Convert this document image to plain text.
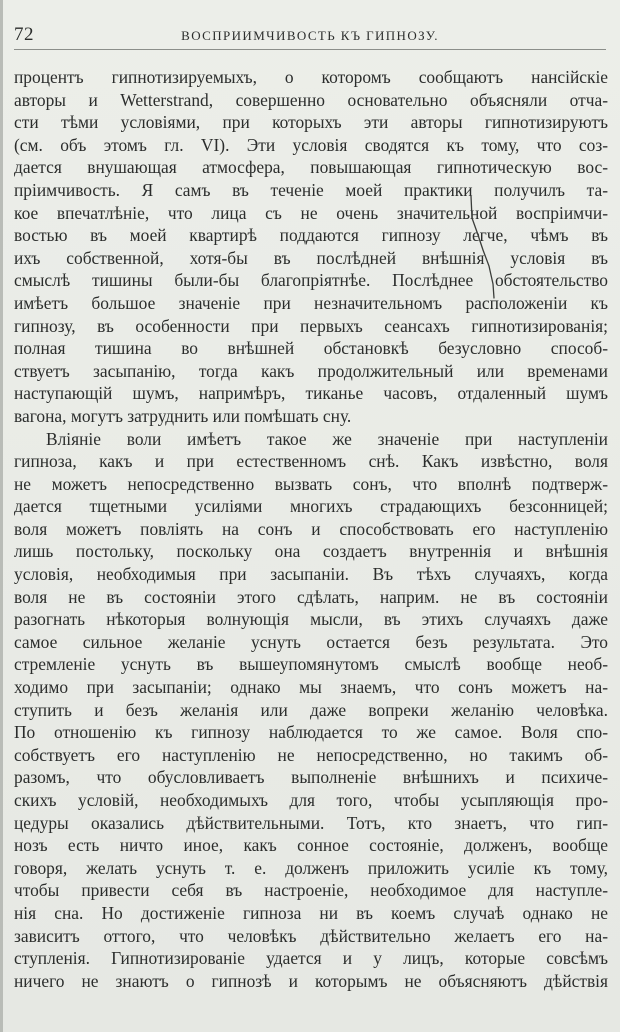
72	ВОСПРИИМЧИВОСТЬ КЪ ГИПНОЗУ.
процентъ гипнотизируемыхъ, о которомъ сообщаютъ нансійскіе
авторы и Wetterstrand, совершенно основательно объясняли отча-
сти тѣми условіями, при которыхъ эти авторы гипнотизируютъ
(см. объ этомъ гл. VI). Эти условія сводятся къ тому, что соз-
дается внушающая атмосфера, повышающая гипнотическую вос-
пріимчивость. Я самъ въ теченіе моей практики получилъ та-
кое впечатлѣніе, что лица съ не очень значительной воспріимчи-
востью въ моей квартирѣ поддаются гипнозу легче, чѣмъ въ
ихъ собственной, хотя-бы въ послѣдней внѣшнія условія въ
смыслѣ тишины были-бы благопріятнѣе. Послѣднее обстоятельство
имѣетъ большое значеніе при незначительномъ расположеніи къ
гипнозу, въ особенности при первыхъ сеансахъ гипнотизированія;
полная тишина во внѣшней обстановкѣ безусловно способ-
ствуетъ засыпанію, тогда какъ продолжительный или временами
наступающій шумъ, напримѣръ, тиканье часовъ, отдаленный шумъ
вагона, могутъ затруднить или помѣшать сну.
Вліяніе воли имѣетъ такое же значеніе при наступленіи
гипноза, какъ и при естественномъ снѣ. Какъ извѣстно, воля
не можетъ непосредственно вызвать сонъ, что вполнѣ подтверж-
дается тщетными усиліями многихъ страдающихъ безсонницей;
воля можетъ повліять на сонъ и способствовать его наступленію
лишь постольку, поскольку она создаетъ внутреннія и внѣшнія
условія, необходимыя при засыпаніи. Въ тѣхъ случаяхъ, когда
воля не въ состояніи этого сдѣлать, наприм. не въ состояніи
разогнать нѣкоторыя волнующія мысли, въ этихъ случаяхъ даже
самое сильное желаніе уснуть остается безъ результата. Это
стремленіе уснуть въ вышеупомянутомъ смыслѣ вообще необ-
ходимо при засыпаніи; однако мы знаемъ, что сонъ можетъ на-
ступить и безъ желанія или даже вопреки желанію человѣка.
По отношенію къ гипнозу наблюдается то же самое. Воля спо-
собствуетъ его наступленію не непосредственно, но такимъ об-
разомъ, что обусловливаетъ выполненіе внѣшнихъ и психиче-
скихъ условій, необходимыхъ для того, чтобы усыпляющія про-
цедуры оказались дѣйствительными. Тотъ, кто знаетъ, что гип-
нозъ есть ничто иное, какъ сонное состояніе, долженъ, вообще
говоря, желать уснуть т. е. долженъ приложить усиліе къ тому,
чтобы привести себя въ настроеніе, необходимое для наступле-
нія сна. Но достиженіе гипноза ни въ коемъ случаѣ однако не
зависитъ оттого, что человѣкъ дѣйствительно желаетъ его на-
ступленія. Гипнотизированіе удается и у лицъ, которые совсѣмъ
ничего не знаютъ о гипнозѣ и которымъ не объясняютъ дѣйствія
